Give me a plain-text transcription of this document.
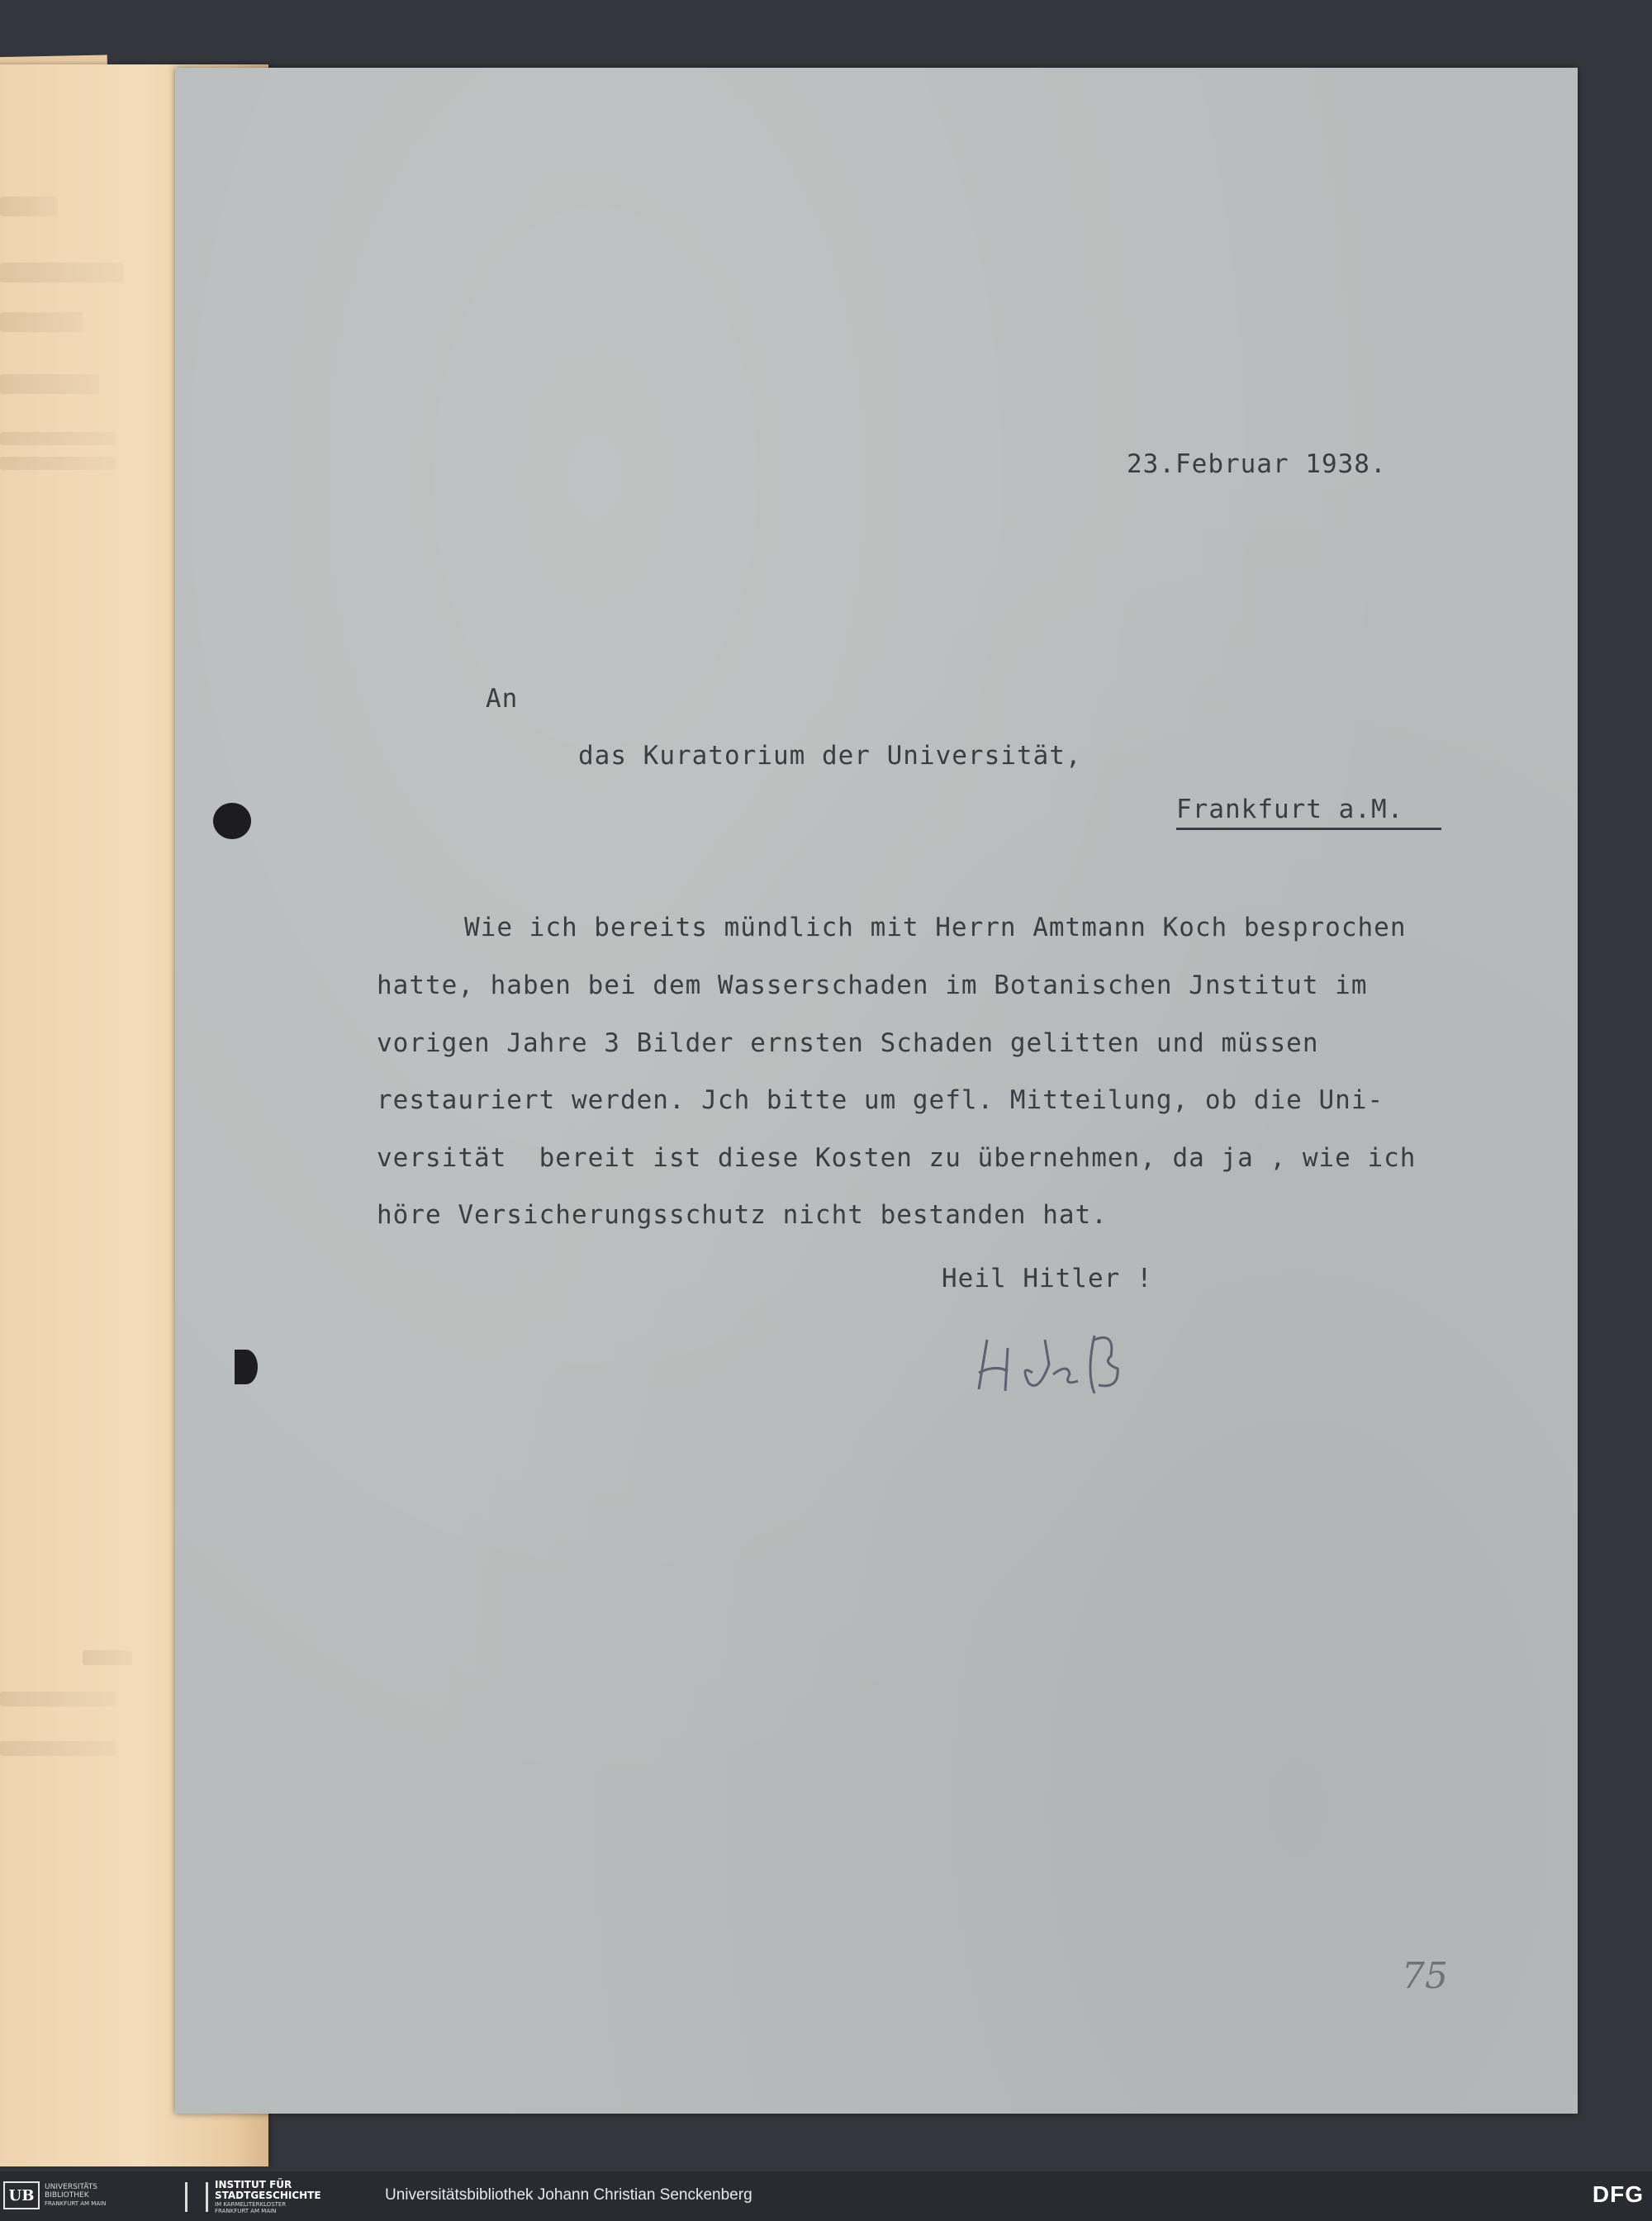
23.Februar 1938.

An

das Kuratorium der Universität,

Frankfurt a.M.

Wie ich bereits mündlich mit Herrn Amtmann Koch besprochen

hatte, haben bei dem Wasserschaden im Botanischen Jnstitut im

vorigen Jahre 3 Bilder ernsten Schaden gelitten und müssen

restauriert werden. Jch bitte um gefl. Mitteilung, ob die Uni-

versität  bereit ist diese Kosten zu übernehmen, da ja , wie ich

höre Versicherungsschutz nicht bestanden hat.

Heil Hitler !

75
UB	UNIVERSITÄTS
BIBLIOTHEK
FRANKFURT AM MAIN
INSTITUT FÜR
STADTGESCHICHTE
IM KARMELITERKLOSTER
FRANKFURT AM MAIN
Universitätsbibliothek Johann Christian Senckenberg	DFG
